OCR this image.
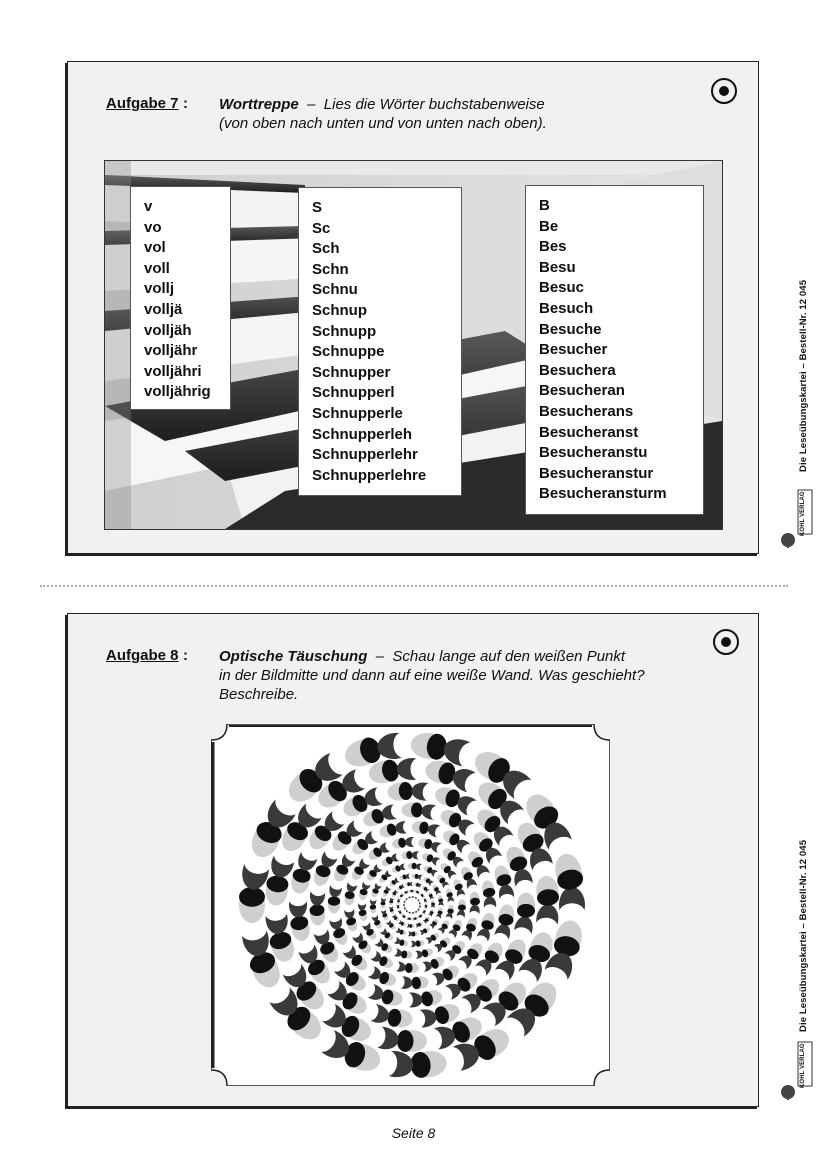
Aufgabe 7 : Worttreppe – Lies die Wörter buchstabenweise
(von oben nach unten und von unten nach oben).
v
vo
vol
voll
vollj
volljä
volljäh
volljähr
volljähri
volljährig
S
Sc
Sch
Schn
Schnu
Schnup
Schnupp
Schnuppe
Schnupper
Schnupperl
Schnupperle
Schnupperleh
Schnupperlehr
Schnupperlehre
B
Be
Bes
Besu
Besuc
Besuch
Besuche
Besucher
Besuchera
Besucheran
Besucherans
Besucheranst
Besucheranstu
Besucheranstur
Besucheransturm
Aufgabe 8 : Optische Täuschung – Schau lange auf den weißen Punkt
in der Bildmitte und dann auf eine weiße Wand. Was geschieht?
Beschreibe.
Die Leseübungskartei – Bestell-Nr. 12 045
KOHL VERLAG
Die Leseübungskartei – Bestell-Nr. 12 045
KOHL VERLAG
Seite 8
